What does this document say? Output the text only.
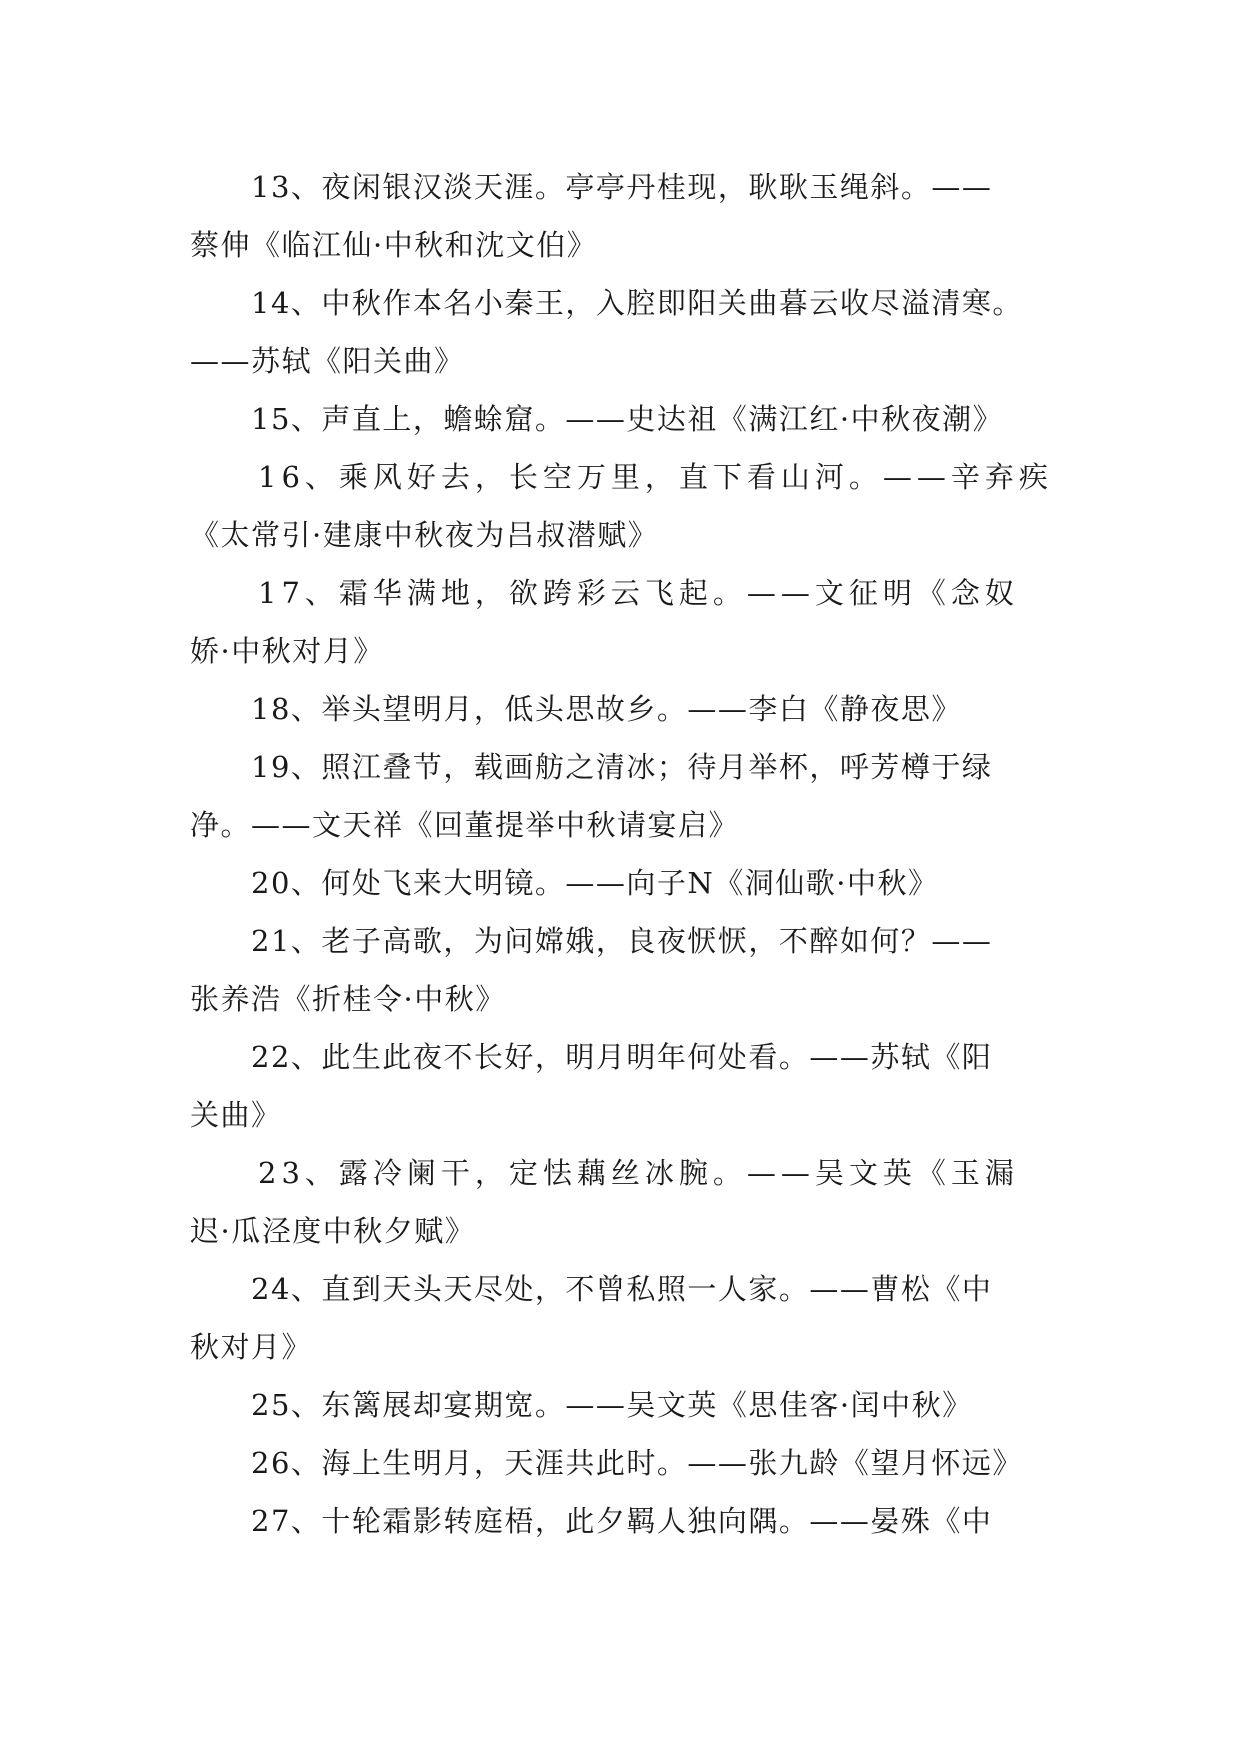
13、夜闲银汉淡天涯。亭亭丹桂现，耿耿玉绳斜。——
蔡伸《临江仙·中秋和沈文伯》
14、中秋作本名小秦王，入腔即阳关曲暮云收尽溢清寒。
——苏轼《阳关曲》
15、声直上，蟾蜍窟。——史达祖《满江红·中秋夜潮》
16、乘风好去，长空万里，直下看山河。——辛弃疾
《太常引·建康中秋夜为吕叔潜赋》
17、霜华满地，欲跨彩云飞起。——文征明《念奴
娇·中秋对月》
18、举头望明月，低头思故乡。——李白《静夜思》
19、照江叠节，载画舫之清冰；待月举杯，呼芳樽于绿
净。——文天祥《回董提举中秋请宴启》
20、何处飞来大明镜。——向子N《洞仙歌·中秋》
21、老子高歌，为问嫦娥，良夜恹恹，不醉如何？——
张养浩《折桂令·中秋》
22、此生此夜不长好，明月明年何处看。——苏轼《阳
关曲》
23、露冷阑干，定怯藕丝冰腕。——吴文英《玉漏
迟·瓜泾度中秋夕赋》
24、直到天头天尽处，不曾私照一人家。——曹松《中
秋对月》
25、东篱展却宴期宽。——吴文英《思佳客·闰中秋》
26、海上生明月，天涯共此时。——张九龄《望月怀远》
27、十轮霜影转庭梧，此夕羁人独向隅。——晏殊《中
